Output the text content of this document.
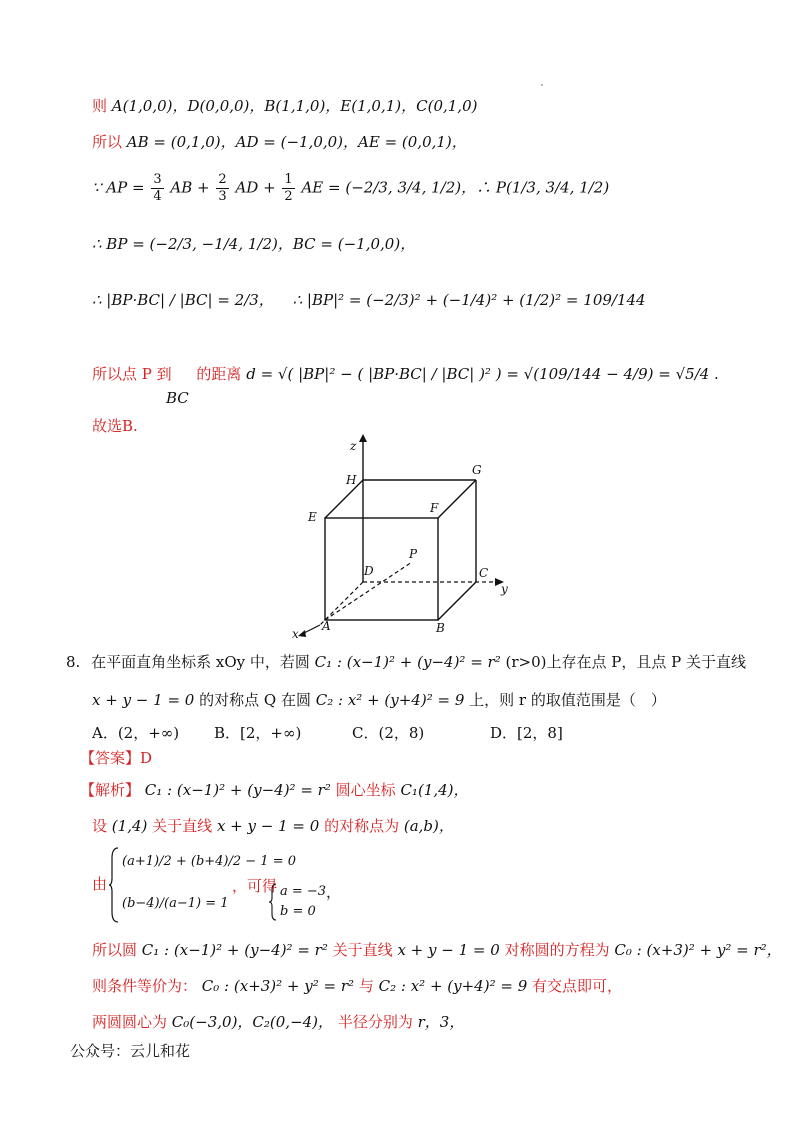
则 A(1,0,0)，D(0,0,0)，B(1,1,0)，E(1,0,1)，C(0,1,0)
所以 AB = (0,1,0)，AD = (−1,0,0)，AE = (0,0,1)，
∵ AP = $\frac{3}{4}$ AB + $\frac{2}{3}$ AD + $\frac{1}{2}$ AE = (−2/3, 3/4, 1/2)，∴ P(1/3, 3/4, 1/2)
∴ BP = (−2/3, −1/4, 1/2)，BC = (−1,0,0)，
∴ |BP·BC| / |BC| = 2/3， ∴ |BP|² = (−2/3)² + (−1/4)² + (1/2)² = 109/144
所以点 P 到 的距离 d = √( |BP|² − ( |BP·BC| / |BC| )² ) = √(109/144 − 4/9) = √5/4 .
BC
故选B.
z
H
G
E
F
P
D	C
y
A	B
x
8. 在平面直角坐标系 xOy 中，若圆 C₁ : (x−1)² + (y−4)² = r² (r>0)上存在点 P，且点 P 关于直线
x + y − 1 = 0 的对称点 Q 在圆 C₂ : x² + (y+4)² = 9 上，则 r 的取值范围是（　）
A．(2，+∞) B．[2，+∞)	C．(2，8)	D．[2，8]
【答案】D
【解析】 C₁ : (x−1)² + (y−4)² = r² 圆心坐标 C₁(1,4)，
设 (1,4) 关于直线 x + y − 1 = 0 的对称点为 (a,b)，
由
(a+1)/2 + (b+4)/2 − 1 = 0
(b−4)/(a−1) = 1
，可得 a = −3
b = 0
，
所以圆 C₁ : (x−1)² + (y−4)² = r² 关于直线 x + y − 1 = 0 对称圆的方程为 C₀ : (x+3)² + y² = r²，
则条件等价为： C₀ : (x+3)² + y² = r² 与 C₂ : x² + (y+4)² = 9 有交点即可，
两圆圆心为 C₀(−3,0)，C₂(0,−4)， 半径分别为 r，3，
公众号：云儿和花
